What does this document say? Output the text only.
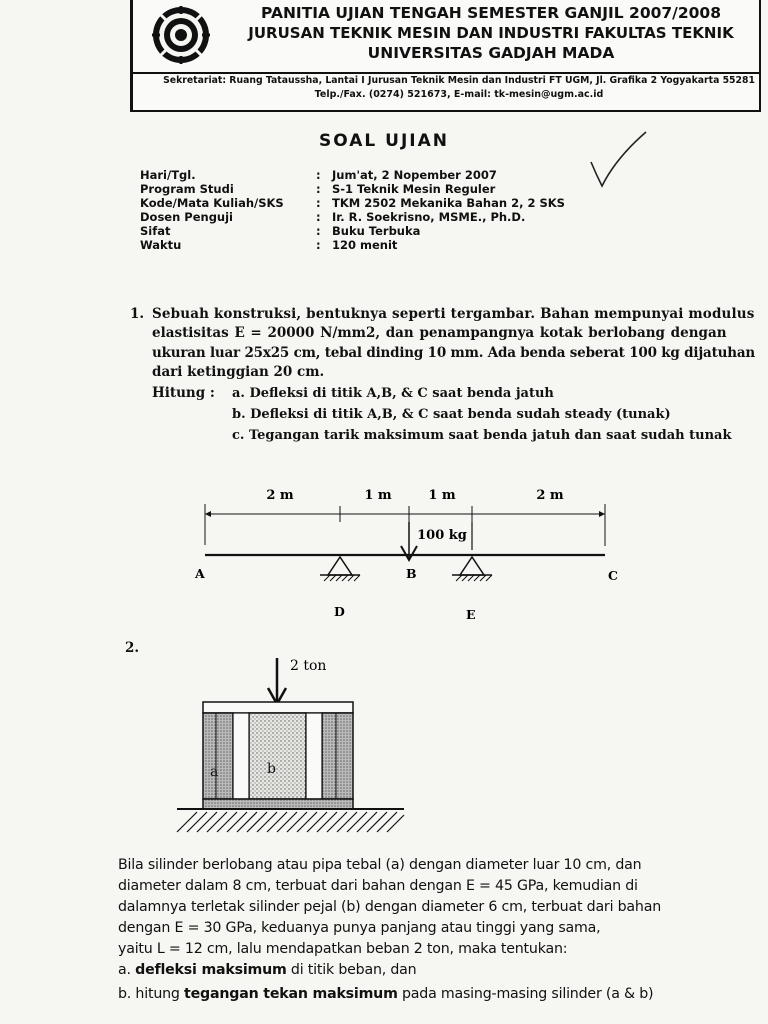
PANITIA UJIAN TENGAH SEMESTER GANJIL 2007/2008
JURUSAN TEKNIK MESIN DAN INDUSTRI FAKULTAS TEKNIK
UNIVERSITAS GADJAH MADA
Sekretariat: Ruang Tataussha, Lantai I Jurusan Teknik Mesin dan Industri FT UGM, Jl. Grafika 2 Yogyakarta 55281
Telp./Fax. (0274) 521673, E-mail: tk-mesin@ugm.ac.id
SOAL UJIAN
Hari/Tgl.	: Jum'at, 2 Nopember 2007
Program Studi	: S-1 Teknik Mesin Reguler
Kode/Mata Kuliah/SKS	: TKM 2502 Mekanika Bahan 2, 2 SKS
Dosen Penguji	: Ir. R. Soekrisno, MSME., Ph.D.
Sifat	: Buku Terbuka
Waktu	: 120 menit
1. Sebuah konstruksi, bentuknya seperti tergambar. Bahan mempunyai modulus
elastisitas E = 20000 N/mm2, dan penampangnya kotak berlobang dengan
ukuran luar 25x25 cm, tebal dinding 10 mm. Ada benda seberat 100 kg dijatuhan
dari ketinggian 20 cm.
Hitung : a. Defleksi di titik A,B, & C saat benda jatuh
b. Defleksi di titik A,B, & C saat benda sudah steady (tunak)
c. Tegangan tarik maksimum saat benda jatuh dan saat sudah tunak
2 m	1 m	1 m	2 m
100 kg
A	B	C
D	E
2.
2 ton
a	b
Bila silinder berlobang atau pipa tebal (a) dengan diameter luar 10 cm, dan
diameter dalam 8 cm, terbuat dari bahan dengan E = 45 GPa, kemudian di
dalamnya terletak silinder pejal (b) dengan diameter 6 cm, terbuat dari bahan
dengan E = 30 GPa, keduanya punya panjang atau tinggi yang sama,
yaitu L = 12 cm, lalu mendapatkan beban 2 ton, maka tentukan:
a. defleksi maksimum di titik beban, dan
b. hitung tegangan tekan maksimum pada masing-masing silinder (a & b)
